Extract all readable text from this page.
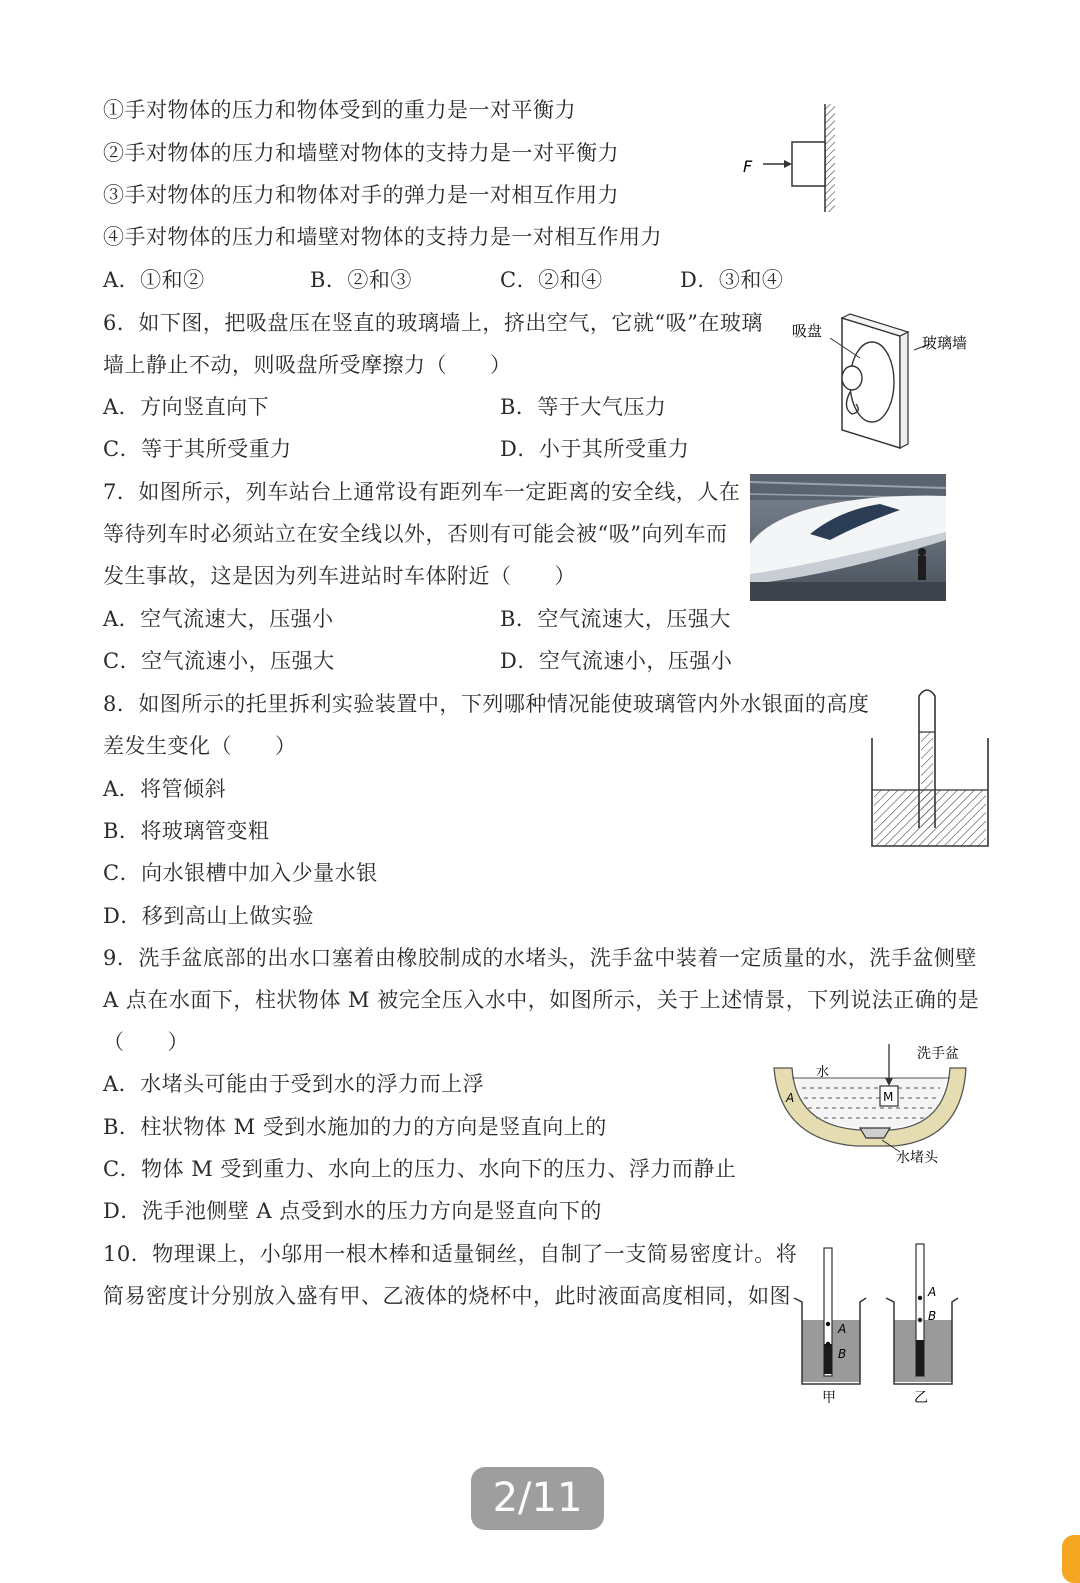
①手对物体的压力和物体受到的重力是一对平衡力
②手对物体的压力和墙壁对物体的支持力是一对平衡力
③手对物体的压力和物体对手的弹力是一对相互作用力
④手对物体的压力和墙壁对物体的支持力是一对相互作用力
A．①和②	B．②和③	C．②和④	D．③和④
F
6．如下图，把吸盘压在竖直的玻璃墙上，挤出空气，它就“吸”在玻璃
墙上静止不动，则吸盘所受摩擦力（　　）
A．方向竖直向下	B．等于大气压力
C．等于其所受重力	D．小于其所受重力
吸盘
玻璃墙
7．如图所示，列车站台上通常设有距列车一定距离的安全线，人在
等待列车时必须站立在安全线以外，否则有可能会被“吸”向列车而
发生事故，这是因为列车进站时车体附近（　　）
A．空气流速大，压强小	B．空气流速大，压强大
C．空气流速小，压强大	D．空气流速小，压强小
8．如图所示的托里拆利实验装置中，下列哪种情况能使玻璃管内外水银面的高度
差发生变化（　　）
A．将管倾斜
B．将玻璃管变粗
C．向水银槽中加入少量水银
D．移到高山上做实验
9．洗手盆底部的出水口塞着由橡胶制成的水堵头，洗手盆中装着一定质量的水，洗手盆侧壁
A 点在水面下，柱状物体 M 被完全压入水中，如图所示，关于上述情景，下列说法正确的是
（　　）
A．水堵头可能由于受到水的浮力而上浮
B．柱状物体 M 受到水施加的力的方向是竖直向上的
C．物体 M 受到重力、水向上的压力、水向下的压力、浮力而静止
D．洗手池侧壁 A 点受到水的压力方向是竖直向下的
洗手盆
水
A	M
水堵头
10．物理课上，小邬用一根木棒和适量铜丝，自制了一支简易密度计。将
简易密度计分别放入盛有甲、乙液体的烧杯中，此时液面高度相同，如图
A
B
甲
A
B
乙
2/11
